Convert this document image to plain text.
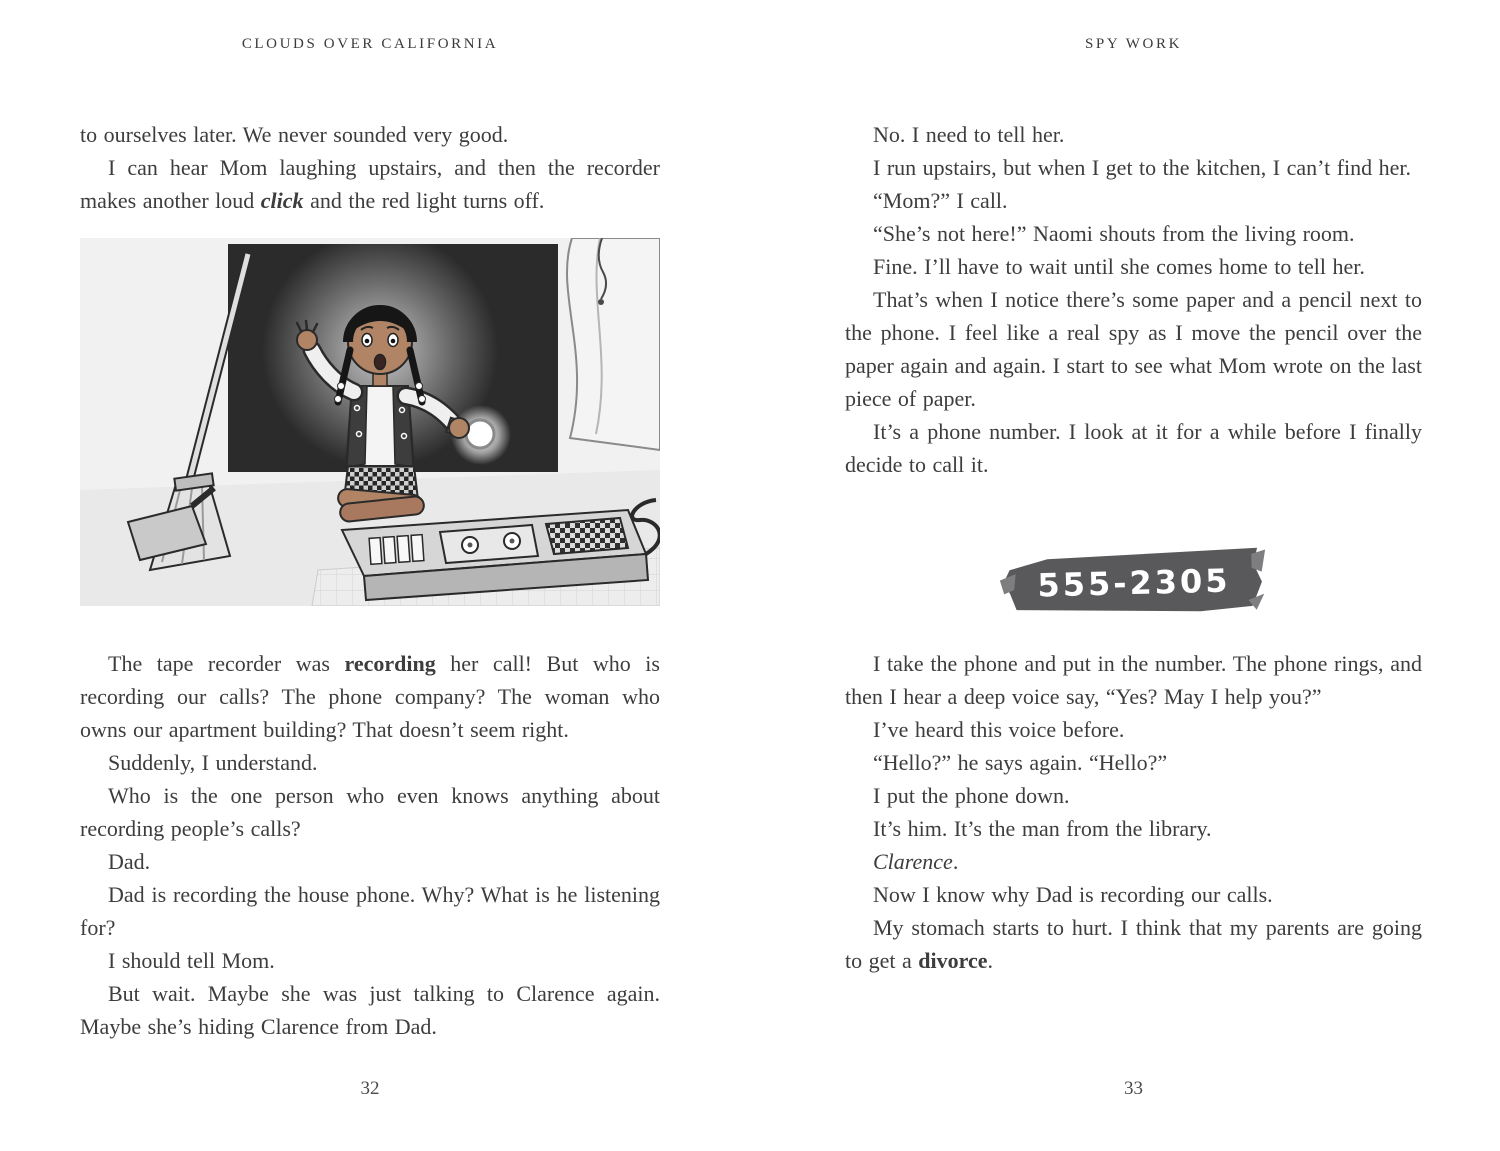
CLOUDS OVER CALIFORNIA

to ourselves later. We never sounded very good.

I can hear Mom laughing upstairs, and then the recorder makes another loud click and the red light turns off.

The tape recorder was recording her call! But who is recording our calls? The phone company? The woman who owns our apartment building? That doesn’t seem right.

Suddenly, I understand.

Who is the one person who even knows anything about recording people’s calls?

Dad.

Dad is recording the house phone. Why? What is he listening for?

I should tell Mom.

But wait. Maybe she was just talking to Clarence again. Maybe she’s hiding Clarence from Dad.

32
SPY WORK

No. I need to tell her.

I run upstairs, but when I get to the kitchen, I can’t find her.

“Mom?” I call.

“She’s not here!” Naomi shouts from the living room.

Fine. I’ll have to wait until she comes home to tell her.

That’s when I notice there’s some paper and a pencil next to the phone. I feel like a real spy as I move the pencil over the paper again and again. I start to see what Mom wrote on the last piece of paper.

It’s a phone number. I look at it for a while before I finally decide to call it.

555-2305

I take the phone and put in the number. The phone rings, and then I hear a deep voice say, “Yes? May I help you?”

I’ve heard this voice before.

“Hello?” he says again. “Hello?”

I put the phone down.

It’s him. It’s the man from the library.

Clarence.

Now I know why Dad is recording our calls.

My stomach starts to hurt. I think that my parents are going to get a divorce.

33
